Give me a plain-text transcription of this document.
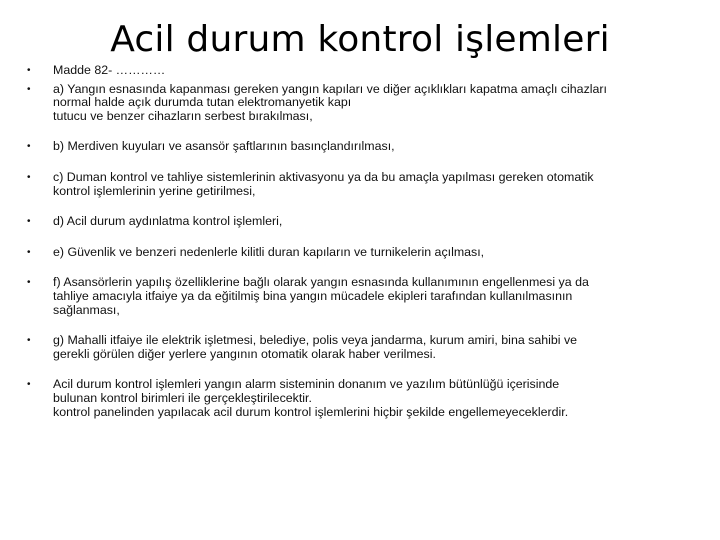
Acil durum kontrol işlemleri
• Madde 82- …………
• a) Yangın esnasında kapanması gereken yangın kapıları ve diğer açıklıkları kapatma amaçlı cihazları
normal halde açık durumda tutan elektromanyetik kapı
tutucu ve benzer cihazların serbest bırakılması,
• b) Merdiven kuyuları ve asansör şaftlarının basınçlandırılması,
• c) Duman kontrol ve tahliye sistemlerinin aktivasyonu ya da bu amaçla yapılması gereken otomatik
kontrol işlemlerinin yerine getirilmesi,
• d) Acil durum aydınlatma kontrol işlemleri,
• e) Güvenlik ve benzeri nedenlerle kilitli duran kapıların ve turnikelerin açılması,
• f) Asansörlerin yapılış özelliklerine bağlı olarak yangın esnasında kullanımının engellenmesi ya da
tahliye amacıyla itfaiye ya da eğitilmiş bina yangın mücadele ekipleri tarafından kullanılmasının
sağlanması,
• g) Mahalli itfaiye ile elektrik işletmesi, belediye, polis veya jandarma, kurum amiri, bina sahibi ve
gerekli görülen diğer yerlere yangının otomatik olarak haber verilmesi.
• Acil durum kontrol işlemleri yangın alarm sisteminin donanım ve yazılım bütünlüğü içerisinde
bulunan kontrol birimleri ile gerçekleştirilecektir.
kontrol panelinden yapılacak acil durum kontrol işlemlerini hiçbir şekilde engellemeyeceklerdir.
